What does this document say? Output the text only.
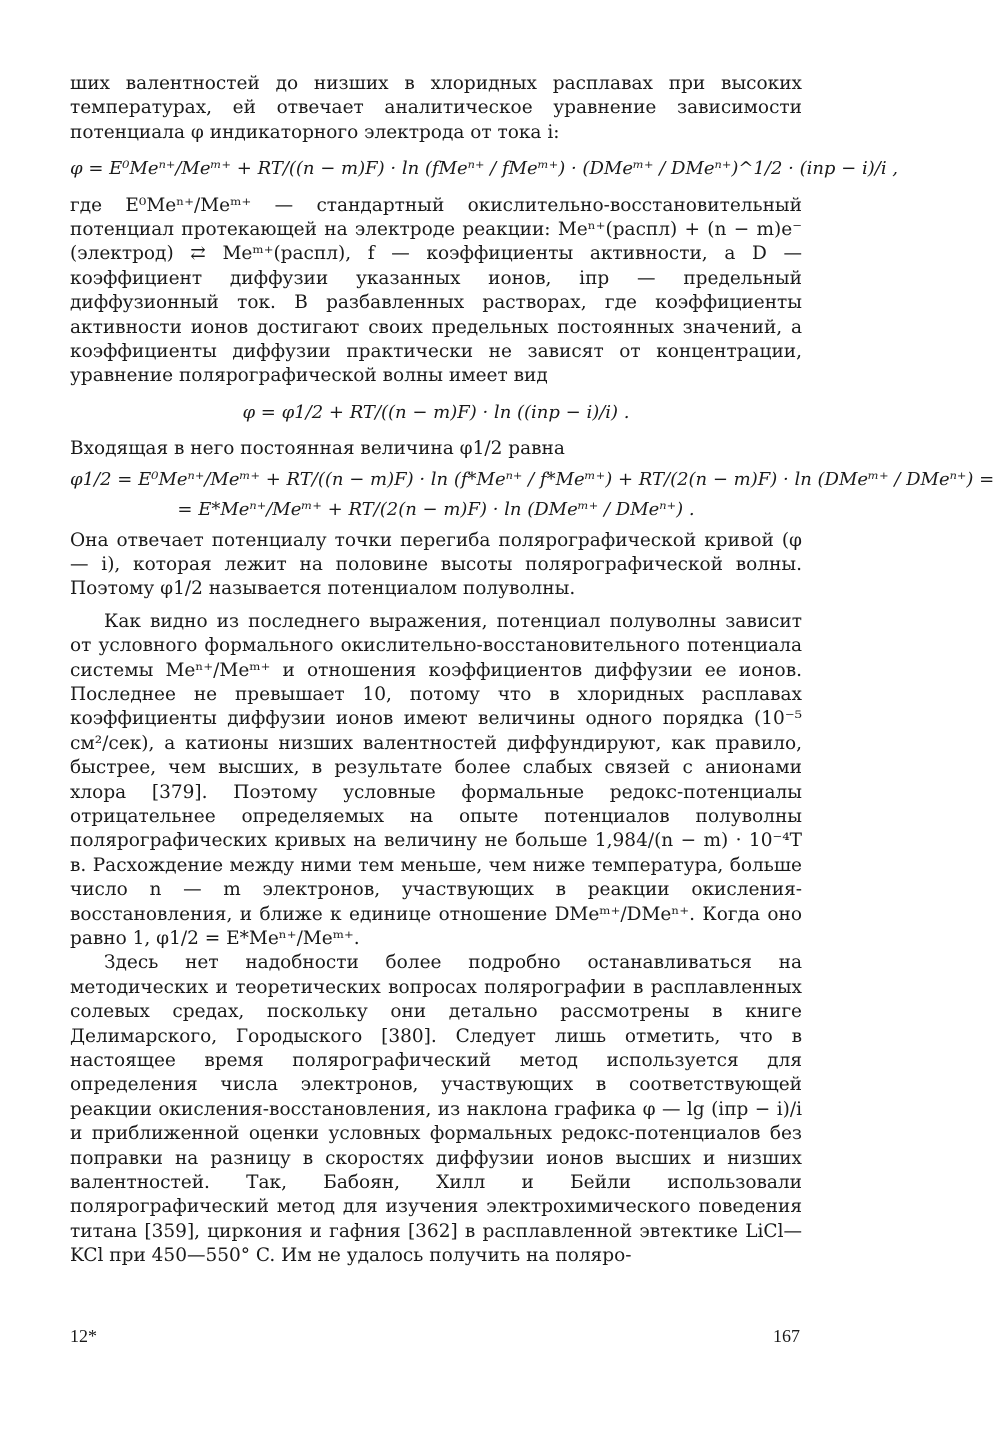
ших валентностей до низших в хлоридных расплавах при высоких температурах, ей отвечает аналитическое уравнение зависимости потенциала φ индикаторного электрода от тока i:

φ = E⁰Meⁿ⁺/Meᵐ⁺ + RT/((n − m)F) · ln (fMeⁿ⁺ / fMeᵐ⁺) · (DMeᵐ⁺ / DMeⁿ⁺)^1/2 · (iпр − i)/i ,

где E⁰Meⁿ⁺/Meᵐ⁺ — стандартный окислительно-восстановительный потенциал протекающей на электроде реакции: Meⁿ⁺(распл) + (n − m)e⁻ (электрод) ⇄ Meᵐ⁺(распл), f — коэффициенты активности, а D — коэффициент диффузии указанных ионов, iпр — предельный диффузионный ток. В разбавленных растворах, где коэффициенты активности ионов достигают своих предельных постоянных значений, а коэффициенты диффузии практически не зависят от концентрации, уравнение полярографической волны имеет вид

φ = φ1/2 + RT/((n − m)F) · ln ((iпр − i)/i) .

Входящая в него постоянная величина φ1/2 равна

φ1/2 = E⁰Meⁿ⁺/Meᵐ⁺ + RT/((n − m)F) · ln (f*Meⁿ⁺ / f*Meᵐ⁺) + RT/(2(n − m)F) · ln (DMeᵐ⁺ / DMeⁿ⁺) =
= E*Meⁿ⁺/Meᵐ⁺ + RT/(2(n − m)F) · ln (DMeᵐ⁺ / DMeⁿ⁺) .

Она отвечает потенциалу точки перегиба полярографической кривой (φ — i), которая лежит на половине высоты полярографической волны. Поэтому φ1/2 называется потенциалом полуволны.

Как видно из последнего выражения, потенциал полуволны зависит от условного формального окислительно-восстановительного потенциала системы Meⁿ⁺/Meᵐ⁺ и отношения коэффициентов диффузии ее ионов. Последнее не превышает 10, потому что в хлоридных расплавах коэффициенты диффузии ионов имеют величины одного порядка (10⁻⁵ см²/сек), а катионы низших валентностей диффундируют, как правило, быстрее, чем высших, в результате более слабых связей с анионами хлора [379]. Поэтому условные формальные редокс-потенциалы отрицательнее определяемых на опыте потенциалов полуволны полярографических кривых на величину не больше 1,984/(n − m) · 10⁻⁴T в. Расхождение между ними тем меньше, чем ниже температура, больше число n — m электронов, участвующих в реакции окисления-восстановления, и ближе к единице отношение DMeᵐ⁺/DMeⁿ⁺. Когда оно равно 1, φ1/2 = E*Meⁿ⁺/Meᵐ⁺.

Здесь нет надобности более подробно останавливаться на методических и теоретических вопросах полярографии в расплавленных солевых средах, поскольку они детально рассмотрены в книге Делимарского, Городыского [380]. Следует лишь отметить, что в настоящее время полярографический метод используется для определения числа электронов, участвующих в соответствующей реакции окисления-восстановления, из наклона графика φ — lg (iпр − i)/i и приближенной оценки условных формальных редокс-потенциалов без поправки на разницу в скоростях диффузии ионов высших и низших валентностей. Так, Бабоян, Хилл и Бейли использовали полярографический метод для изучения электрохимического поведения титана [359], циркония и гафния [362] в расплавленной эвтектике LiCl—KCl при 450—550° C. Им не удалось получить на поляро-

12*	167
